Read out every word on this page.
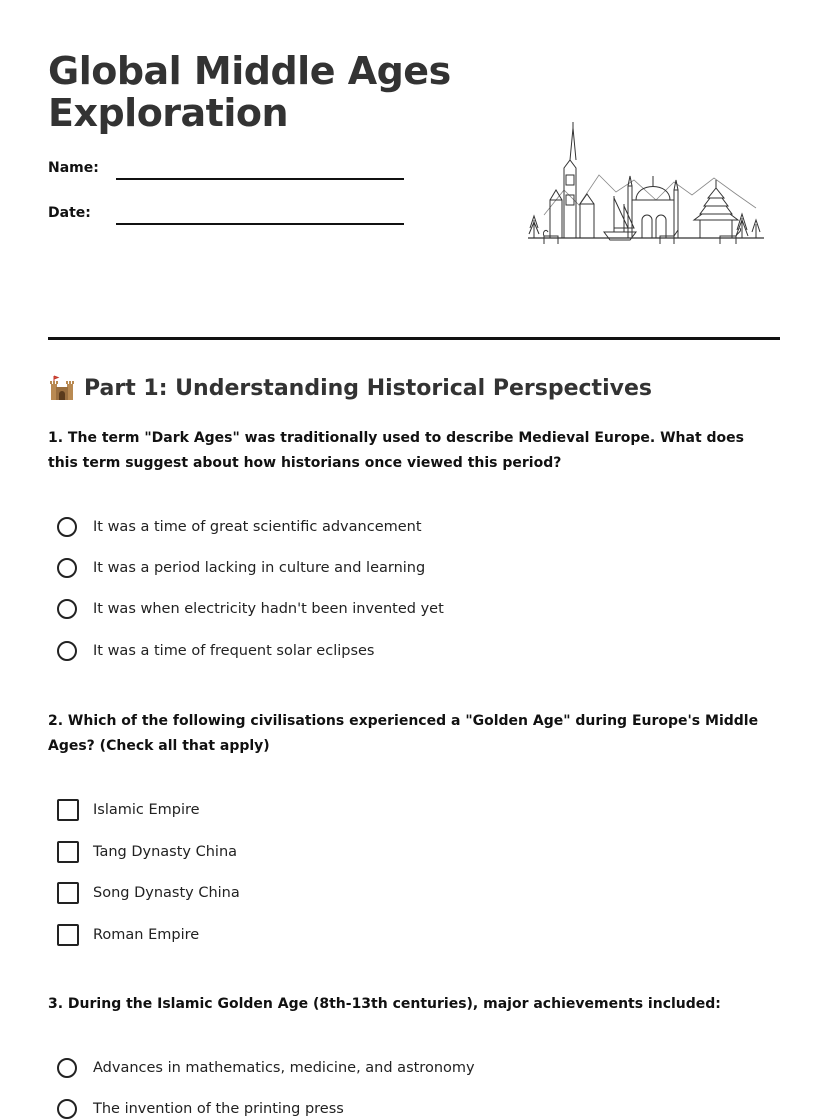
Global Middle Ages
Exploration
Name:
Date:
Part 1: Understanding Historical Perspectives
1. The term "Dark Ages" was traditionally used to describe Medieval Europe. What does this term suggest about how historians once viewed this period?
It was a time of great scientific advancement
It was a period lacking in culture and learning
It was when electricity hadn't been invented yet
It was a time of frequent solar eclipses
2. Which of the following civilisations experienced a "Golden Age" during Europe's Middle Ages? (Check all that apply)
Islamic Empire
Tang Dynasty China
Song Dynasty China
Roman Empire
3. During the Islamic Golden Age (8th-13th centuries), major achievements included:
Advances in mathematics, medicine, and astronomy
The invention of the printing press
